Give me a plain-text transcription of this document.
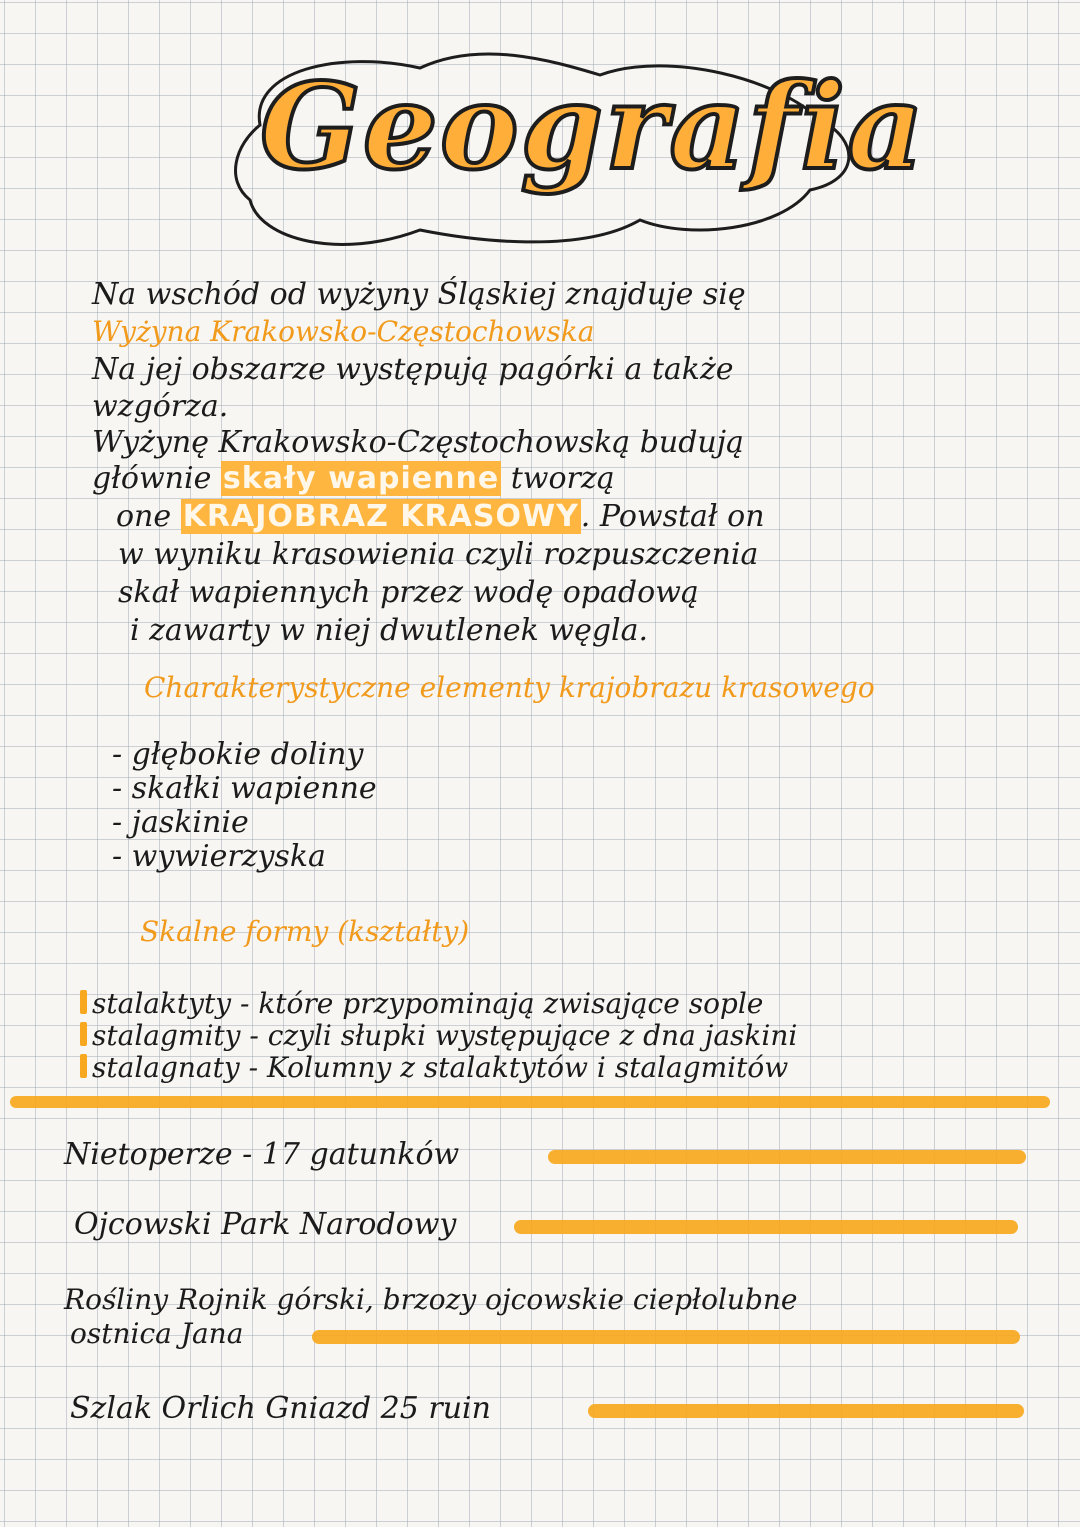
Geografia
Na wschód od wyżyny Śląskiej znajduje się
Wyżyna Krakowsko-Częstochowska
Na jej obszarze występują pagórki a także
wzgórza.
Wyżynę Krakowsko-Częstochowską budują
głównie skały wapienne tworzą
one KRAJOBRAZ KRASOWY. Powstał on
w wyniku krasowienia czyli rozpuszczenia
skał wapiennych przez wodę opadową
i zawarty w niej dwutlenek węgla.
Charakterystyczne elementy krajobrazu krasowego
- głębokie doliny
- skałki wapienne
- jaskinie
- wywierzyska
Skalne formy (kształty)
stalaktyty - które przypominają zwisające sople
stalagmity - czyli słupki występujące z dna jaskini
stalagnaty - Kolumny z stalaktytów i stalagmitów
Nietoperze - 17 gatunków
Ojcowski Park Narodowy
Rośliny Rojnik górski, brzozy ojcowskie ciepłolubne
ostnica Jana
Szlak Orlich Gniazd 25 ruin
